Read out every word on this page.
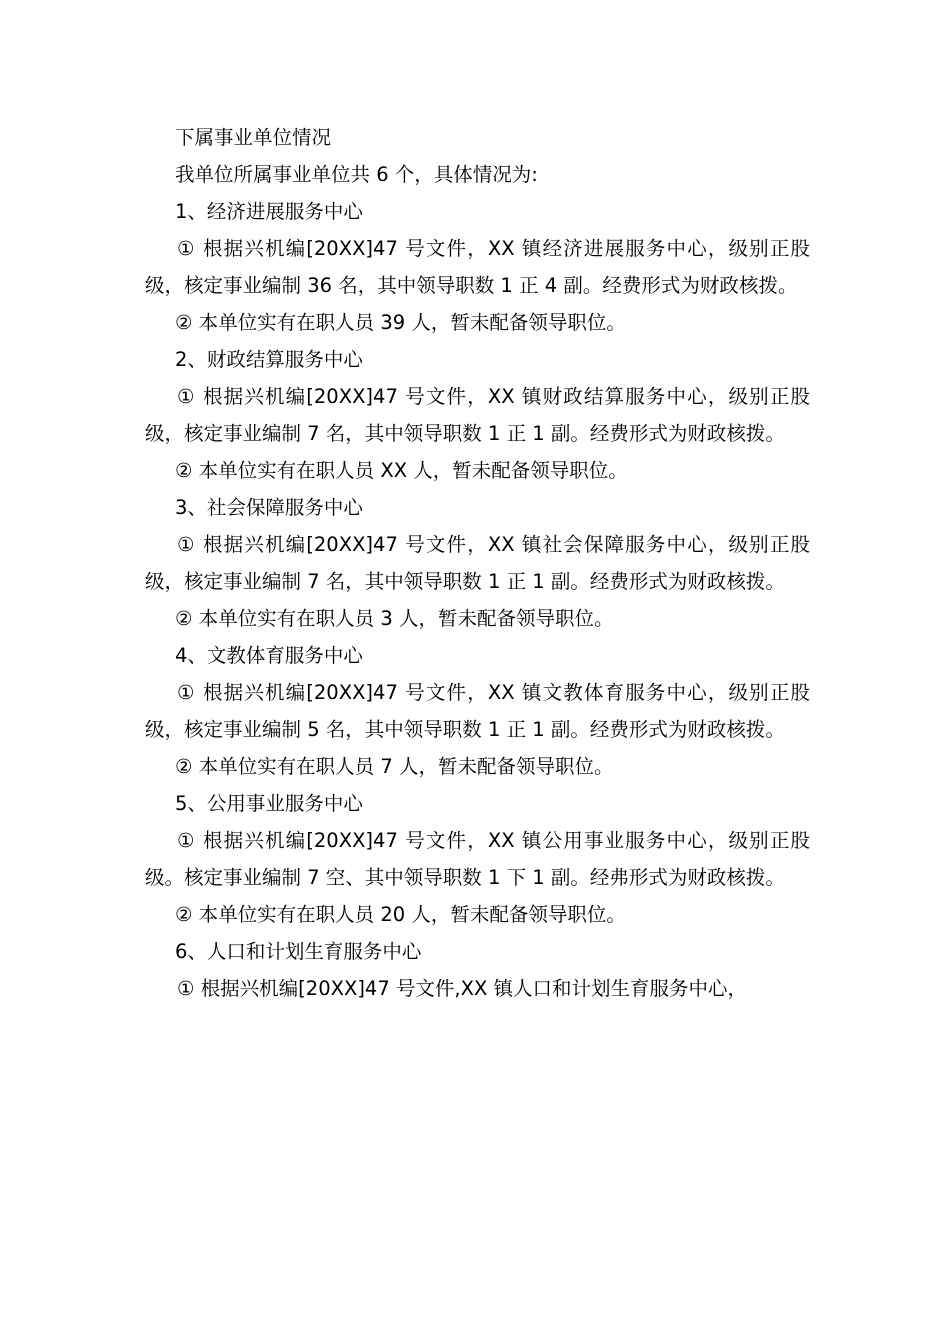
下属事业单位情况

我单位所属事业单位共 6 个，具体情况为:

1、经济进展服务中心

① 根据兴机编[20XX]47 号文件，XX 镇经济进展服务中心，级别正股级，核定事业编制 36 名，其中领导职数 1 正 4 副。经费形式为财政核拨。

② 本单位实有在职人员 39 人，暂未配备领导职位。

2、财政结算服务中心

① 根据兴机编[20XX]47 号文件，XX 镇财政结算服务中心，级别正股级，核定事业编制 7 名，其中领导职数 1 正 1 副。经费形式为财政核拨。

② 本单位实有在职人员 XX 人，暂未配备领导职位。

3、社会保障服务中心

① 根据兴机编[20XX]47 号文件，XX 镇社会保障服务中心，级别正股级，核定事业编制 7 名，其中领导职数 1 正 1 副。经费形式为财政核拨。

② 本单位实有在职人员 3 人，暂未配备领导职位。

4、文教体育服务中心

① 根据兴机编[20XX]47 号文件，XX 镇文教体育服务中心，级别正股级，核定事业编制 5 名，其中领导职数 1 正 1 副。经费形式为财政核拨。

② 本单位实有在职人员 7 人，暂未配备领导职位。

5、公用事业服务中心

① 根据兴机编[20XX]47 号文件，XX 镇公用事业服务中心，级别正股级。核定事业编制 7 空、其中领导职数 1 下 1 副。经弗形式为财政核拨。

② 本单位实有在职人员 20 人，暂未配备领导职位。

6、人口和计划生育服务中心

① 根据兴机编[20XX]47 号文件,XX 镇人口和计划生育服务中心，
